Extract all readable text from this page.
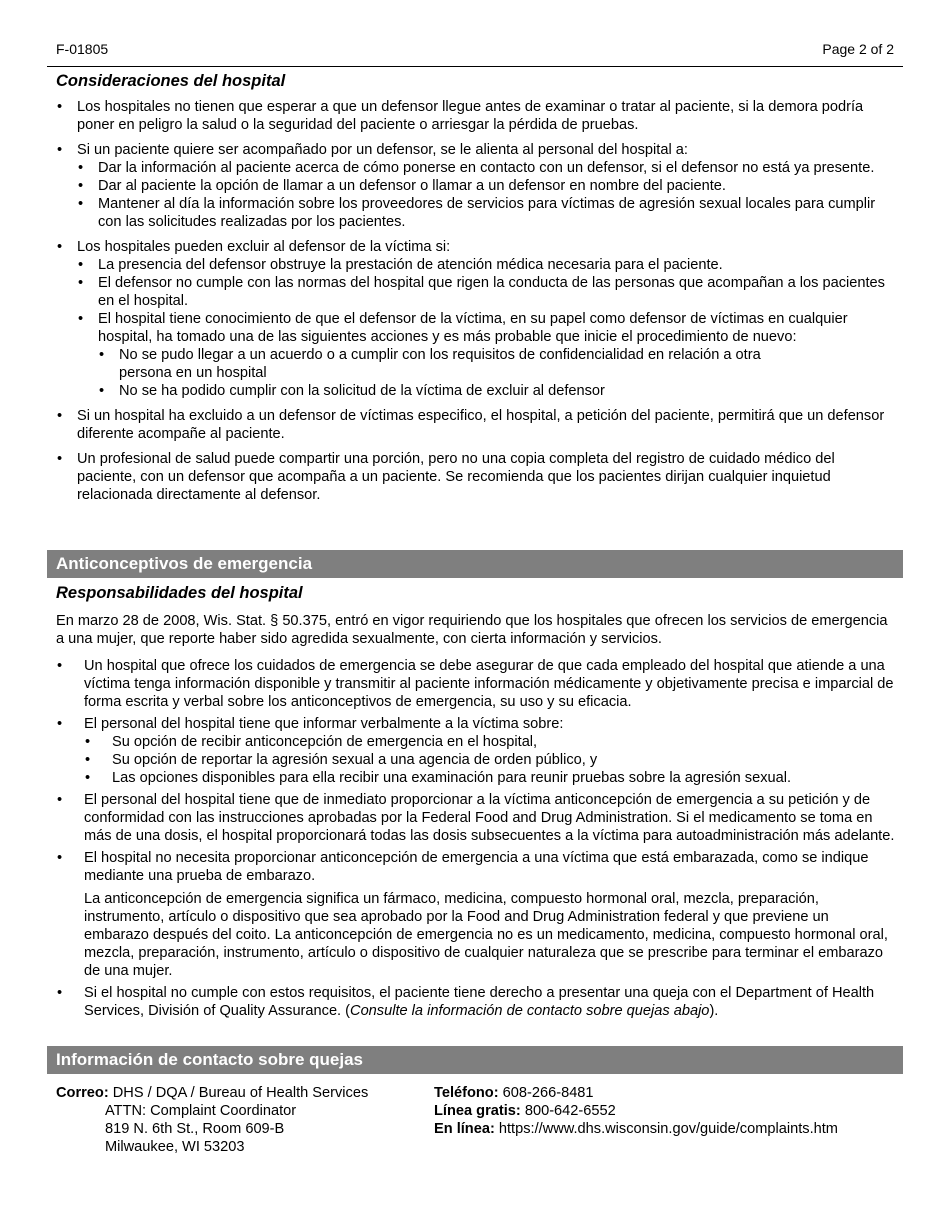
F-01805	Page 2 of 2
Consideraciones del hospital
• Los hospitales no tienen que esperar a que un defensor llegue antes de examinar o tratar al paciente, si la demora podría poner en peligro la salud o la seguridad del paciente o arriesgar la pérdida de pruebas.
• Si un paciente quiere ser acompañado por un defensor, se le alienta al personal del hospital a:
• Dar la información al paciente acerca de cómo ponerse en contacto con un defensor, si el defensor no está ya presente.
• Dar al paciente la opción de llamar a un defensor o llamar a un defensor en nombre del paciente.
• Mantener al día la información sobre los proveedores de servicios para víctimas de agresión sexual locales para cumplir con las solicitudes realizadas por los pacientes.
• Los hospitales pueden excluir al defensor de la víctima si:
• La presencia del defensor obstruye la prestación de atención médica necesaria para el paciente.
• El defensor no cumple con las normas del hospital que rigen la conducta de las personas que acompañan a los pacientes en el hospital.
• El hospital tiene conocimiento de que el defensor de la víctima, en su papel como defensor de víctimas en cualquier hospital, ha tomado una de las siguientes acciones y es más probable que inicie el procedimiento de nuevo:
• No se pudo llegar a un acuerdo o a cumplir con los requisitos de confidencialidad en relación a otra persona en un hospital
• No se ha podido cumplir con la solicitud de la víctima de excluir al defensor
• Si un hospital ha excluido a un defensor de víctimas especifico, el hospital, a petición del paciente, permitirá que un defensor diferente acompañe al paciente.
• Un profesional de salud puede compartir una porción, pero no una copia completa del registro de cuidado médico del paciente, con un defensor que acompaña a un paciente. Se recomienda que los pacientes dirijan cualquier inquietud relacionada directamente al defensor.
Anticonceptivos de emergencia
Responsabilidades del hospital
En marzo 28 de 2008, Wis. Stat. § 50.375, entró en vigor requiriendo que los hospitales que ofrecen los servicios de emergencia a una mujer, que reporte haber sido agredida sexualmente, con cierta información y servicios.
• Un hospital que ofrece los cuidados de emergencia se debe asegurar de que cada empleado del hospital que atiende a una víctima tenga información disponible y transmitir al paciente información médicamente y objetivamente precisa e imparcial de forma escrita y verbal sobre los anticonceptivos de emergencia, su uso y su eficacia.
• El personal del hospital tiene que informar verbalmente a la víctima sobre:
• Su opción de recibir anticoncepción de emergencia en el hospital,
• Su opción de reportar la agresión sexual a una agencia de orden público, y
• Las opciones disponibles para ella recibir una examinación para reunir pruebas sobre la agresión sexual.
• El personal del hospital tiene que de inmediato proporcionar a la víctima anticoncepción de emergencia a su petición y de conformidad con las instrucciones aprobadas por la Federal Food and Drug Administration. Si el medicamento se toma en más de una dosis, el hospital proporcionará todas las dosis subsecuentes a la víctima para autoadministración más adelante.
• El hospital no necesita proporcionar anticoncepción de emergencia a una víctima que está embarazada, como se indique mediante una prueba de embarazo.
La anticoncepción de emergencia significa un fármaco, medicina, compuesto hormonal oral, mezcla, preparación, instrumento, artículo o dispositivo que sea aprobado por la Food and Drug Administration federal y que previene un embarazo después del coito. La anticoncepción de emergencia no es un medicamento, medicina, compuesto hormonal oral, mezcla, preparación, instrumento, artículo o dispositivo de cualquier naturaleza que se prescribe para terminar el embarazo de una mujer.
• Si el hospital no cumple con estos requisitos, el paciente tiene derecho a presentar una queja con el Department of Health Services, División of Quality Assurance. (Consulte la información de contacto sobre quejas abajo).
Información de contacto sobre quejas
Correo: DHS / DQA / Bureau of Health Services
ATTN: Complaint Coordinator
819 N. 6th St., Room 609-B
Milwaukee, WI 53203
Teléfono: 608-266-8481
Línea gratis: 800-642-6552
En línea: https://www.dhs.wisconsin.gov/guide/complaints.htm
